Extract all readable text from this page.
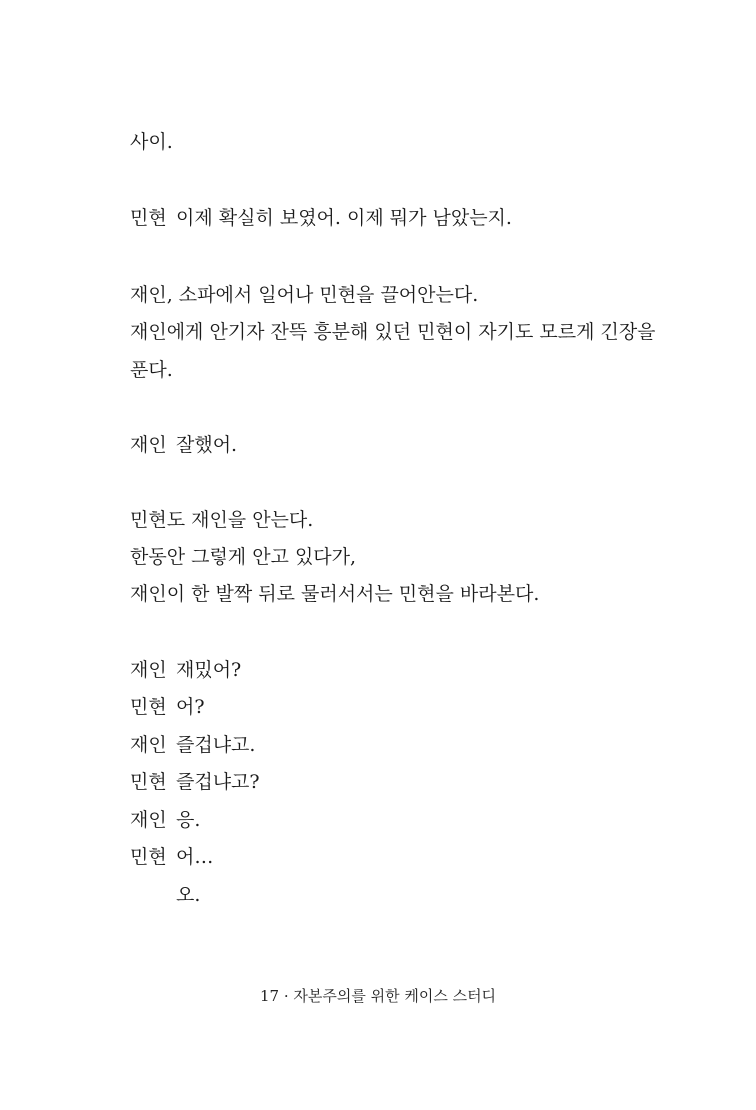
사이.
민현 이제 확실히 보였어. 이제 뭐가 남았는지.
재인, 소파에서 일어나 민현을 끌어안는다.
재인에게 안기자 잔뜩 흥분해 있던 민현이 자기도 모르게 긴장을
푼다.
재인 잘했어.
민현도 재인을 안는다.
한동안 그렇게 안고 있다가,
재인이 한 발짝 뒤로 물러서서는 민현을 바라본다.
재인 재밌어?
민현 어?
재인 즐겁냐고.
민현 즐겁냐고?
재인 응.
민현 어…
오.
17 · 자본주의를 위한 케이스 스터디
